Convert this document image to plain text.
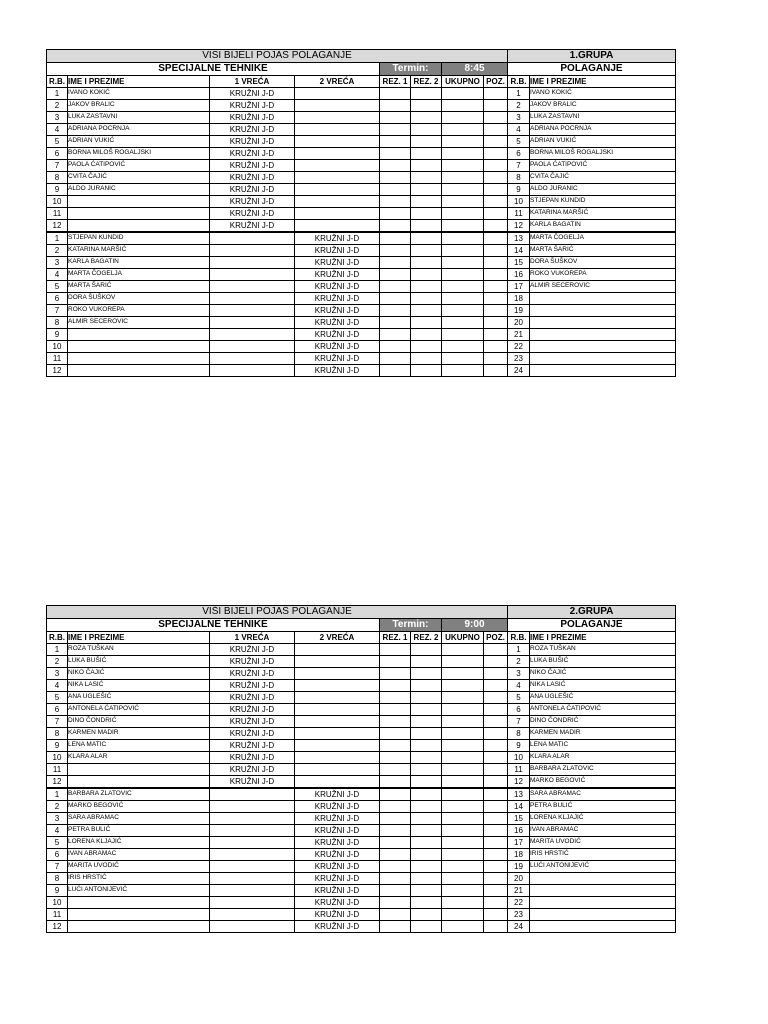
VISI BIJELI POJAS POLAGANJE								1.GRUPA	
SPECIJALNE TEHNIKE				Termin:		8:45		POLAGANJE	
R.B.	IME I PREZIME	1 VREĆA	2 VREĆA	REZ. 1	REZ. 2	UKUPNO	POZ.	R.B.	IME I PREZIME
1	IVANO KOKIĆ	KRUŽNI J-D						1	IVANO KOKIĆ
2	JAKOV BRALIC	KRUŽNI J-D						2	JAKOV BRALIC
3	LUKA ZASTAVNI	KRUŽNI J-D						3	LUKA ZASTAVNI
4	ADRIANA POCRNJA	KRUŽNI J-D						4	ADRIANA POCRNJA
5	ADRIAN VUKIĆ	KRUŽNI J-D						5	ADRIAN VUKIĆ
6	BORNA MILOŠ ROGALJSKI	KRUŽNI J-D						6	BORNA MILOŠ ROGALJSKI
7	PAOLA ĆATIPOVIĆ	KRUŽNI J-D						7	PAOLA ĆATIPOVIĆ
8	CVITA ČAJIĆ	KRUŽNI J-D						8	CVITA ČAJIĆ
9	ALDO JURANIC	KRUŽNI J-D						9	ALDO JURANIC
10		KRUŽNI J-D						10	STJEPAN KUNDID
11		KRUŽNI J-D						11	KATARINA MARŠIĆ
12		KRUŽNI J-D						12	KARLA BAGATIN
1	STJEPAN KUNDID		KRUŽNI J-D					13	MARTA ČOGELJA
2	KATARINA MARŠIĆ		KRUŽNI J-D					14	MARTA ŠARIĆ
3	KARLA BAGATIN		KRUŽNI J-D					15	DORA ŠUŠKOV
4	MARTA ČOGELJA		KRUŽNI J-D					16	ROKO VUKOREPA
5	MARTA ŠARIĆ		KRUŽNI J-D					17	ALMIR SECEROVIC
6	DORA ŠUŠKOV		KRUŽNI J-D					18	
7	ROKO VUKOREPA		KRUŽNI J-D					19	
8	ALMIR SECEROVIC		KRUŽNI J-D					20	
9			KRUŽNI J-D					21	
10			KRUŽNI J-D					22	
11			KRUŽNI J-D					23	
12			KRUŽNI J-D					24	
VIŠI BIJELI POJAS POLAGANJE								2.GRUPA	
SPECIJALNE TEHNIKE				Termin:		9:00		POLAGANJE	
R.B.	IME I PREZIME	1 VREĆA	2 VREĆA	REZ. 1	REZ. 2	UKUPNO	POZ.	R.B.	IME I PREZIME
1	ROZA TUŠKAN	KRUŽNI J-D						1	ROZA TUŠKAN
2	LUKA BUŠIĆ	KRUŽNI J-D						2	LUKA BUŠIĆ
3	NIKO ČAJIĆ	KRUŽNI J-D						3	NIKO ČAJIĆ
4	NIKA LASIĆ	KRUŽNI J-D						4	NIKA LASIĆ
5	ANA UGLEŠIĆ	KRUŽNI J-D						5	ANA UGLEŠIĆ
6	ANTONELA ĆATIPOVIĆ	KRUŽNI J-D						6	ANTONELA ĆATIPOVIĆ
7	DINO ČONDRIĆ	KRUŽNI J-D						7	DINO ČONDRIĆ
8	KARMEN MADIR	KRUŽNI J-D						8	KARMEN MADIR
9	LENA MATIC	KRUŽNI J-D						9	LENA MATIC
10	KLARA ALAR	KRUŽNI J-D						10	KLARA ALAR
11		KRUŽNI J-D						11	BARBARA ZLATOVIC
12		KRUŽNI J-D						12	MARKO BEGOVIĆ
1	BARBARA ZLATOVIC		KRUŽNI J-D					13	SARA ABRAMAC
2	MARKO BEGOVIĆ		KRUŽNI J-D					14	PETRA BULIĆ
3	SARA ABRAMAC		KRUŽNI J-D					15	LORENA KLJAJIĆ
4	PETRA BULIĆ		KRUŽNI J-D					16	IVAN ABRAMAC
5	LORENA KLJAJIĆ		KRUŽNI J-D					17	MARITA UVODIĆ
6	IVAN ABRAMAC		KRUŽNI J-D					18	IRIS HRSTIĆ
7	MARITA UVODIĆ		KRUŽNI J-D					19	LUĆI ANTONIJEVIĆ
8	IRIS HRSTIĆ		KRUŽNI J-D					20	
9	LUĆI ANTONIJEVIĆ		KRUŽNI J-D					21	
10			KRUŽNI J-D					22	
11			KRUŽNI J-D					23	
12			KRUŽNI J-D					24	
